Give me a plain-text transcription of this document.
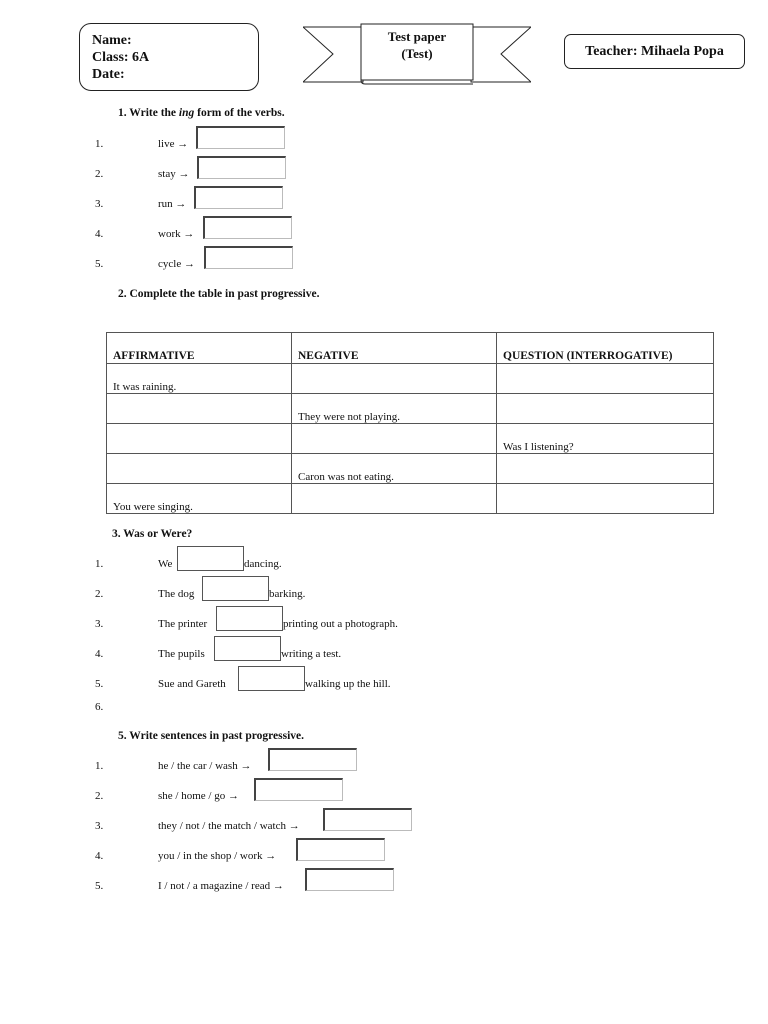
Name:
Class: 6A
Date:
Test paper
(Test)	Teacher: Mihaela Popa
1. Write the ing form of the verbs.
1.	live →
2.	stay →
3.	run →
4.	work →
5.	cycle →
2. Complete the table in past progressive.
AFFIRMATIVE	NEGATIVE	QUESTION (INTERROGATIVE)
It was raining.		
	They were not playing.	
		Was I listening?
	Caron was not eating.	
You were singing.		
3. Was or Were?
1.	We	dancing.
2.	The dog	barking.
3.	The printer	printing out a photograph.
4.	The pupils	writing a test.
5.	Sue and Gareth	walking up the hill.
6.
5. Write sentences in past progressive.
1.	he / the car / wash →
2.	she / home / go →
3.	they / not / the match / watch →
4.	you / in the shop / work →
5.	I / not / a magazine / read →
